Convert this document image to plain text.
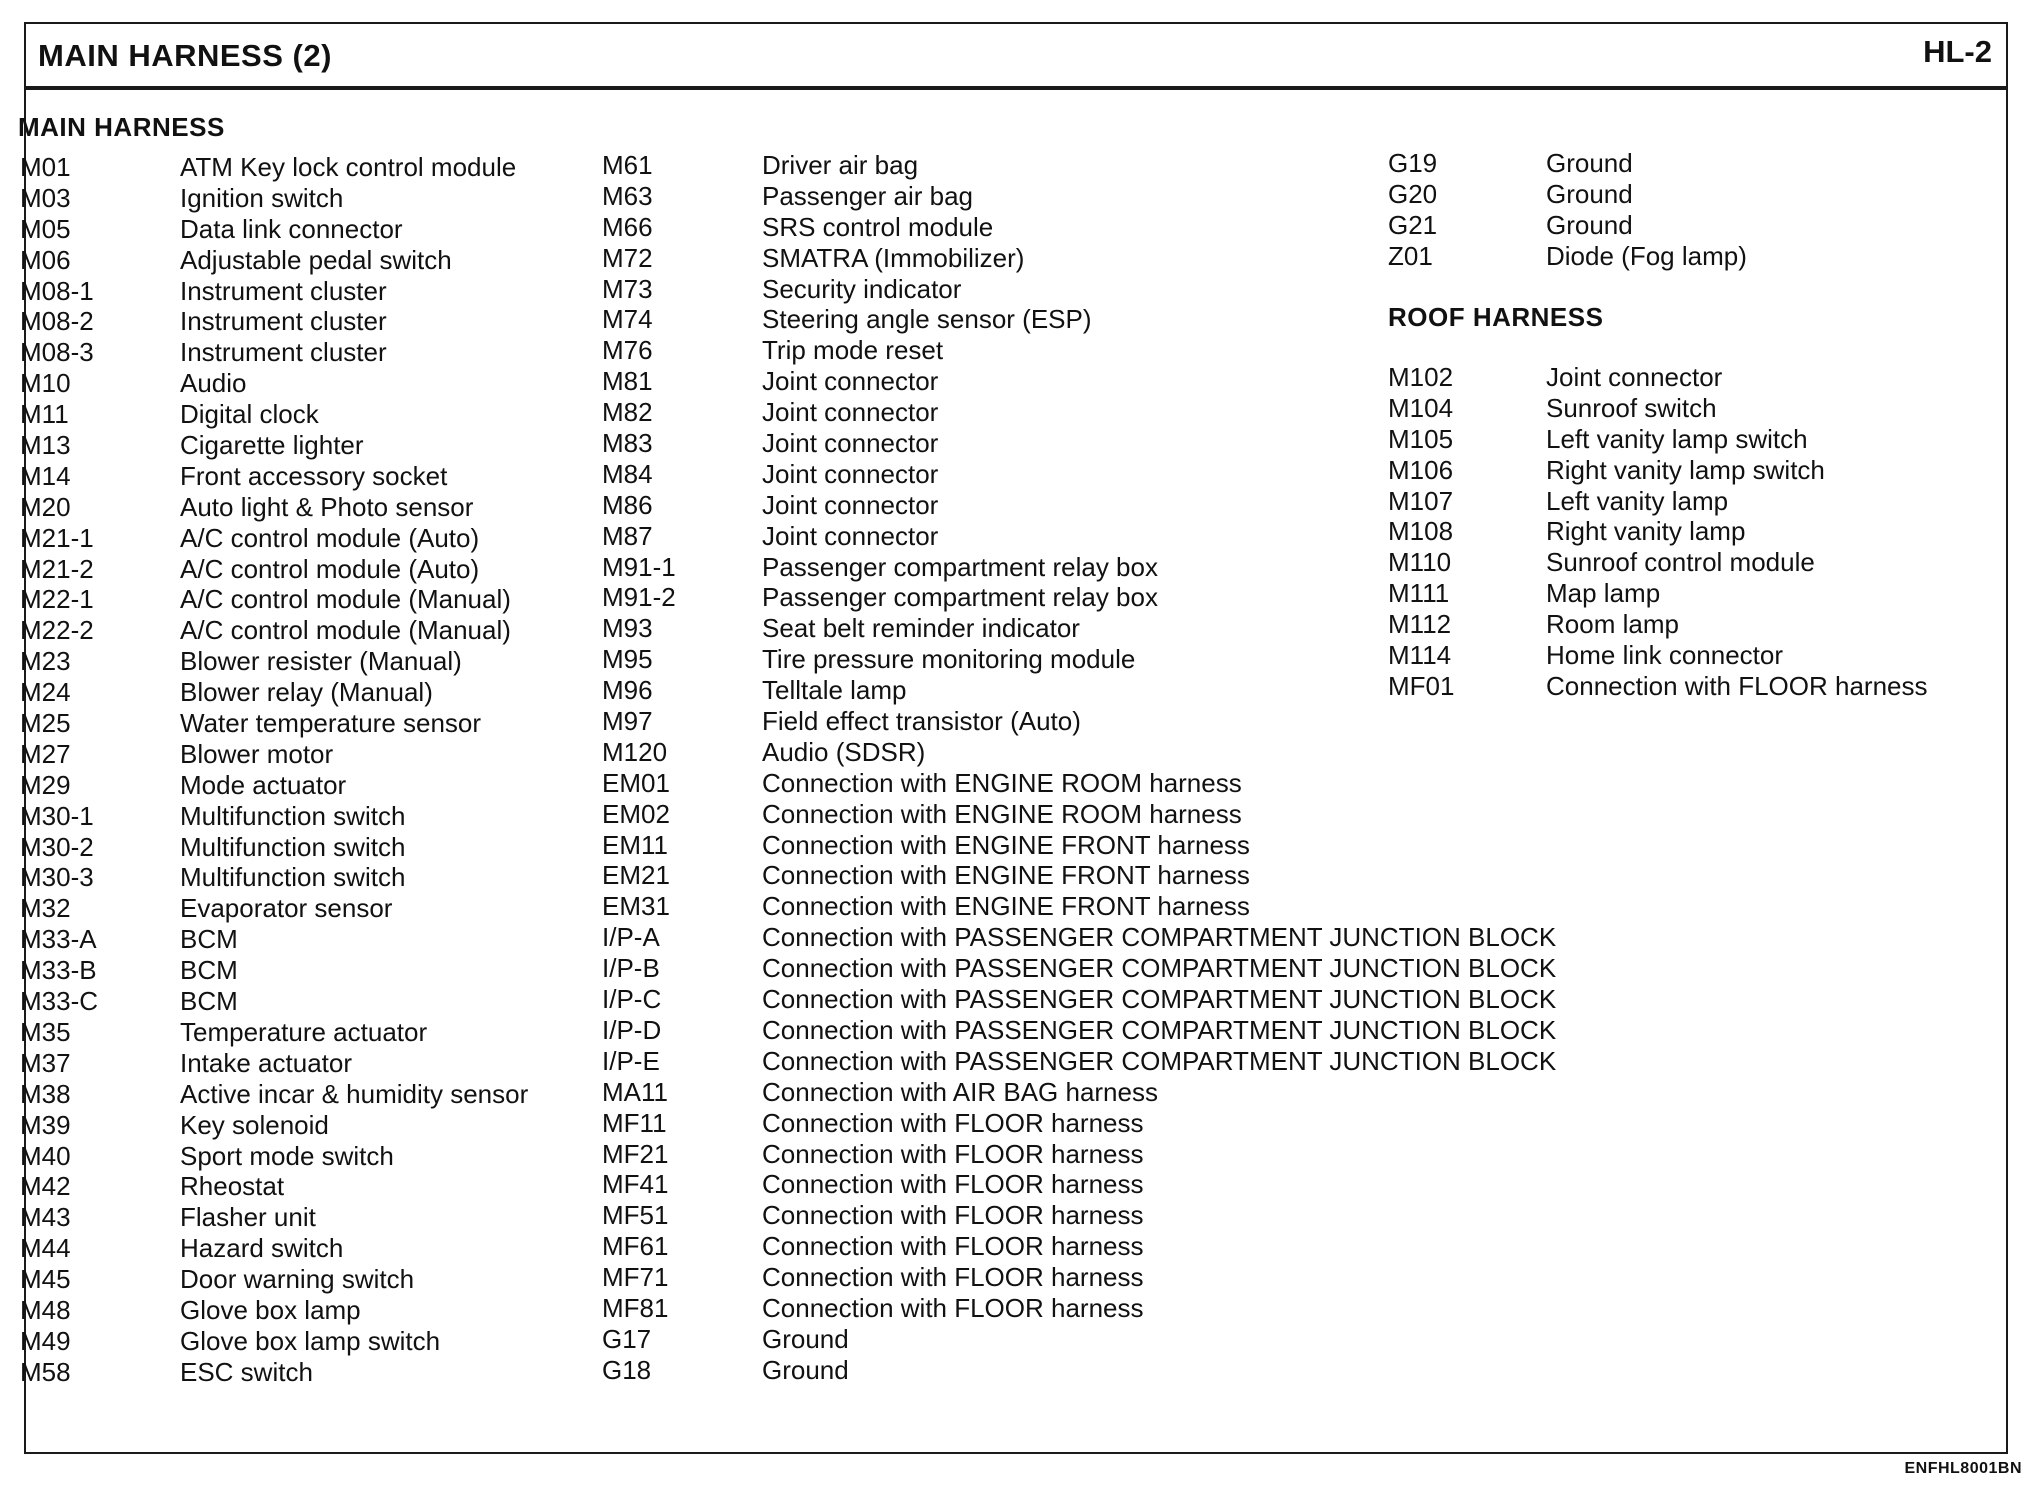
MAIN HARNESS (2)	HL-2
MAIN HARNESS
M01	ATM Key lock control module
M03	Ignition switch
M05	Data link connector
M06	Adjustable pedal switch
M08-1	Instrument cluster
M08-2	Instrument cluster
M08-3	Instrument cluster
M10	Audio
M11	Digital clock
M13	Cigarette lighter
M14	Front accessory socket
M20	Auto light & Photo sensor
M21-1	A/C control module (Auto)
M21-2	A/C control module (Auto)
M22-1	A/C control module (Manual)
M22-2	A/C control module (Manual)
M23	Blower resister (Manual)
M24	Blower relay (Manual)
M25	Water temperature sensor
M27	Blower motor
M29	Mode actuator
M30-1	Multifunction switch
M30-2	Multifunction switch
M30-3	Multifunction switch
M32	Evaporator sensor
M33-A	BCM
M33-B	BCM
M33-C	BCM
M35	Temperature actuator
M37	Intake actuator
M38	Active incar & humidity sensor
M39	Key solenoid
M40	Sport mode switch
M42	Rheostat
M43	Flasher unit
M44	Hazard switch
M45	Door warning switch
M48	Glove box lamp
M49	Glove box lamp switch
M58	ESC switch
M61	Driver air bag
M63	Passenger air bag
M66	SRS control module
M72	SMATRA (Immobilizer)
M73	Security indicator
M74	Steering angle sensor (ESP)
M76	Trip mode reset
M81	Joint connector
M82	Joint connector
M83	Joint connector
M84	Joint connector
M86	Joint connector
M87	Joint connector
M91-1	Passenger compartment relay box
M91-2	Passenger compartment relay box
M93	Seat belt reminder indicator
M95	Tire pressure monitoring module
M96	Telltale lamp
M97	Field effect transistor (Auto)
M120	Audio (SDSR)
EM01	Connection with ENGINE ROOM harness
EM02	Connection with ENGINE ROOM harness
EM11	Connection with ENGINE FRONT harness
EM21	Connection with ENGINE FRONT harness
EM31	Connection with ENGINE FRONT harness
I/P-A	Connection with PASSENGER COMPARTMENT JUNCTION BLOCK
I/P-B	Connection with PASSENGER COMPARTMENT JUNCTION BLOCK
I/P-C	Connection with PASSENGER COMPARTMENT JUNCTION BLOCK
I/P-D	Connection with PASSENGER COMPARTMENT JUNCTION BLOCK
I/P-E	Connection with PASSENGER COMPARTMENT JUNCTION BLOCK
MA11	Connection with AIR BAG harness
MF11	Connection with FLOOR harness
MF21	Connection with FLOOR harness
MF41	Connection with FLOOR harness
MF51	Connection with FLOOR harness
MF61	Connection with FLOOR harness
MF71	Connection with FLOOR harness
MF81	Connection with FLOOR harness
G17	Ground
G18	Ground
G19	Ground
G20	Ground
G21	Ground
Z01	Diode (Fog lamp)
ROOF HARNESS
M102	Joint connector
M104	Sunroof switch
M105	Left vanity lamp switch
M106	Right vanity lamp switch
M107	Left vanity lamp
M108	Right vanity lamp
M110	Sunroof control module
M111	Map lamp
M112	Room lamp
M114	Home link connector
MF01	Connection with FLOOR harness
ENFHL8001BN
